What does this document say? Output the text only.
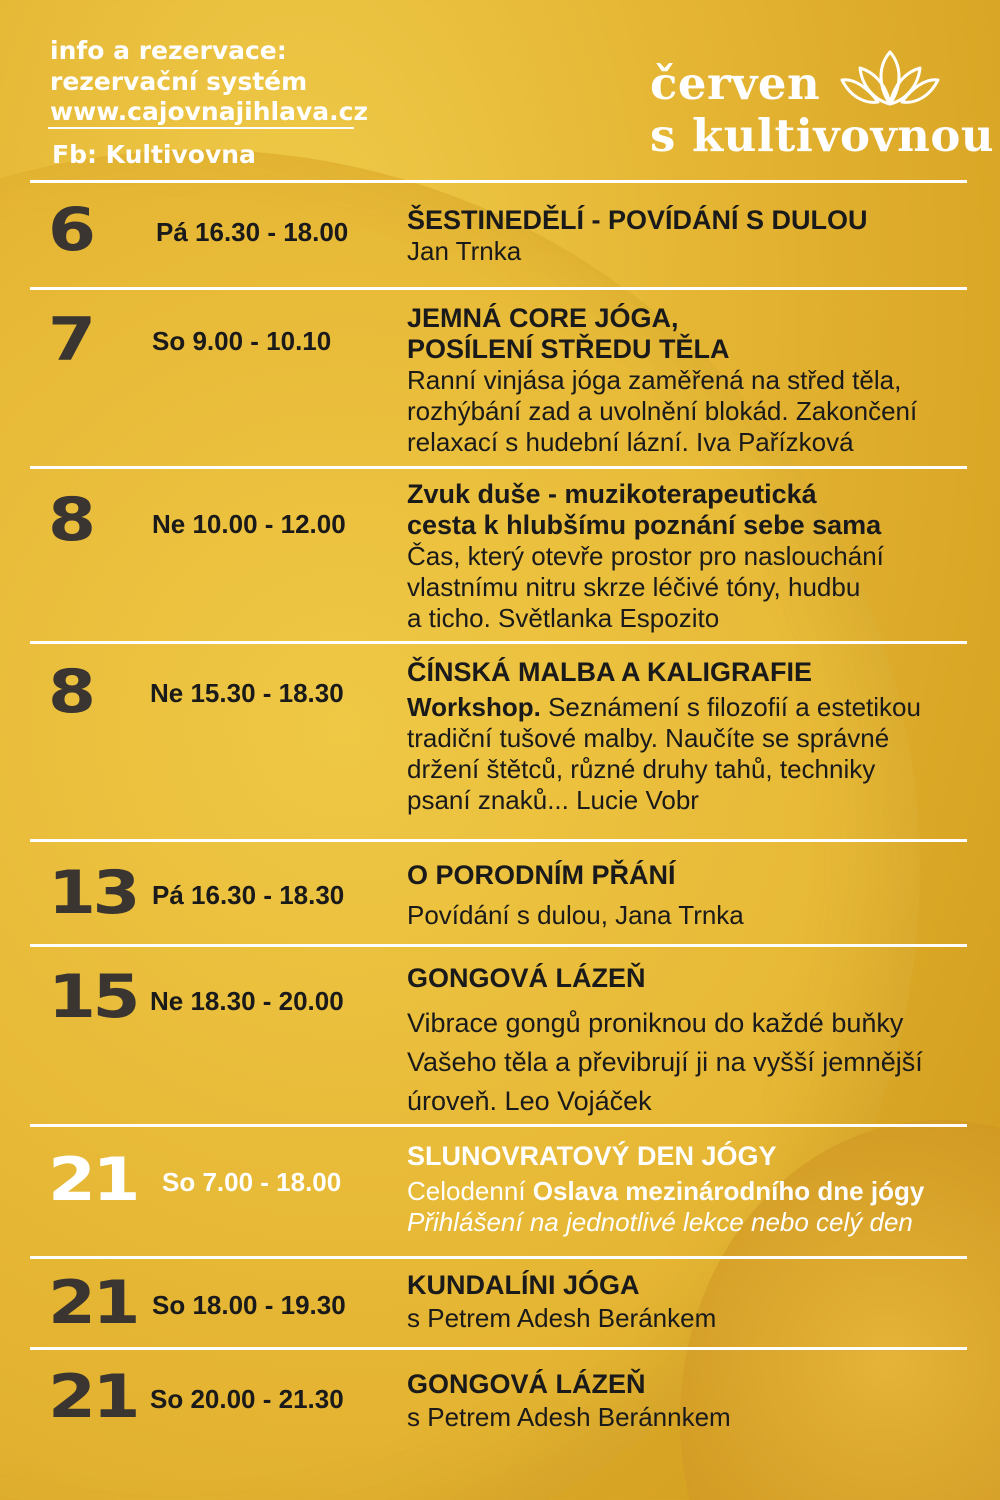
info a rezervace:
rezervační systém
www.cajovnajihlava.cz
Fb: Kultivovna
červen
s kultivovnou
6 Pá 16.30 - 18.00 ŠESTINEDĚLÍ - POVÍDÁNÍ S DULOU
Jan Trnka
7 So 9.00 - 10.10
JEMNÁ CORE JÓGA,
POSÍLENÍ STŘEDU TĚLA
Ranní vinjása jóga zaměřená na střed těla,
rozhýbání zad a uvolnění blokád. Zakončení
relaxací s hudební lázní. Iva Pařízková
8 Ne 10.00 - 12.00
Zvuk duše - muzikoterapeutická
cesta k hlubšímu poznání sebe sama
Čas, který otevře prostor pro naslouchání
vlastnímu nitru skrze léčivé tóny, hudbu
a ticho. Světlanka Espozito
8 Ne 15.30 - 18.30
ČÍNSKÁ MALBA A KALIGRAFIE
Workshop. Seznámení s filozofií a estetikou
tradiční tušové malby. Naučíte se správné
držení štětců, různé druhy tahů, techniky
psaní znaků... Lucie Vobr
13 Pá 16.30 - 18.30
O PORODNÍM PŘÁNÍ
Povídání s dulou, Jana Trnka
15 Ne 18.30 - 20.00
GONGOVÁ LÁZEŇ
Vibrace gongů proniknou do každé buňky
Vašeho těla a převibrují ji na vyšší jemnější
úroveň. Leo Vojáček
21 So 7.00 - 18.00
SLUNOVRATOVÝ DEN JÓGY
Celodenní Oslava mezinárodního dne jógy
Přihlášení na jednotlivé lekce nebo celý den
21 So 18.00 - 19.30
KUNDALÍNI JÓGA
s Petrem Adesh Beránkem
21 So 20.00 - 21.30 GONGOVÁ LÁZEŇ
s Petrem Adesh Beránnkem
